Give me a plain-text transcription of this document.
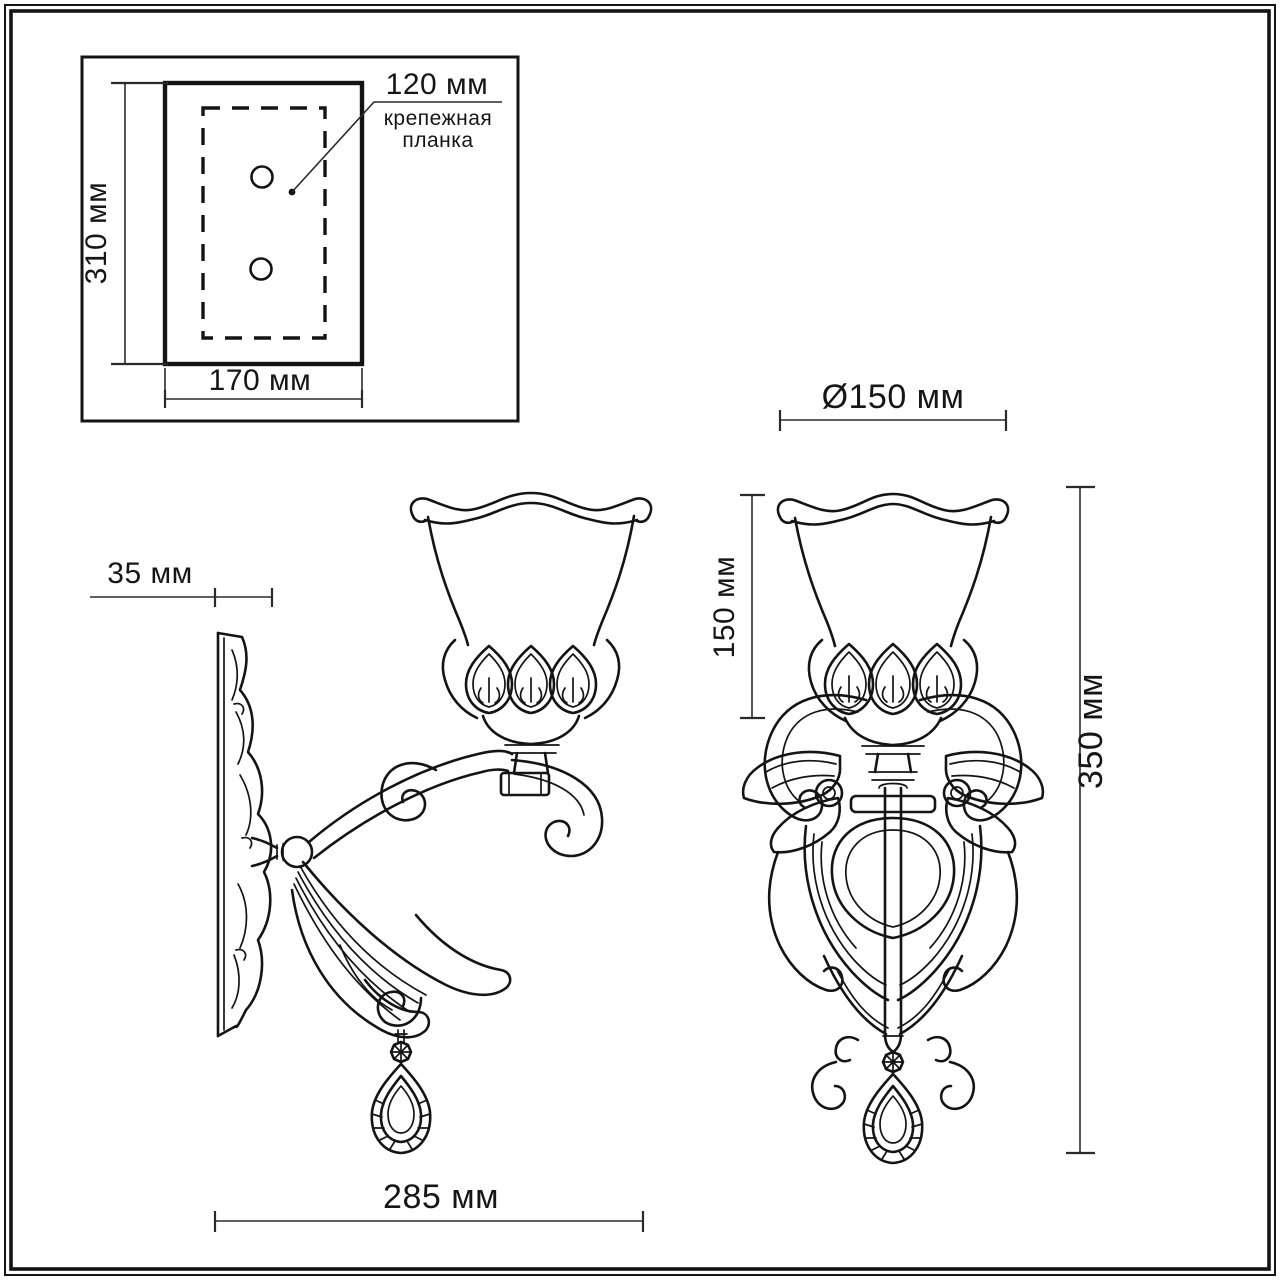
120 мм
крепежная
планка
310 мм
170 мм
35 мм
285 мм
Ø150 мм
150 мм
350 мм
